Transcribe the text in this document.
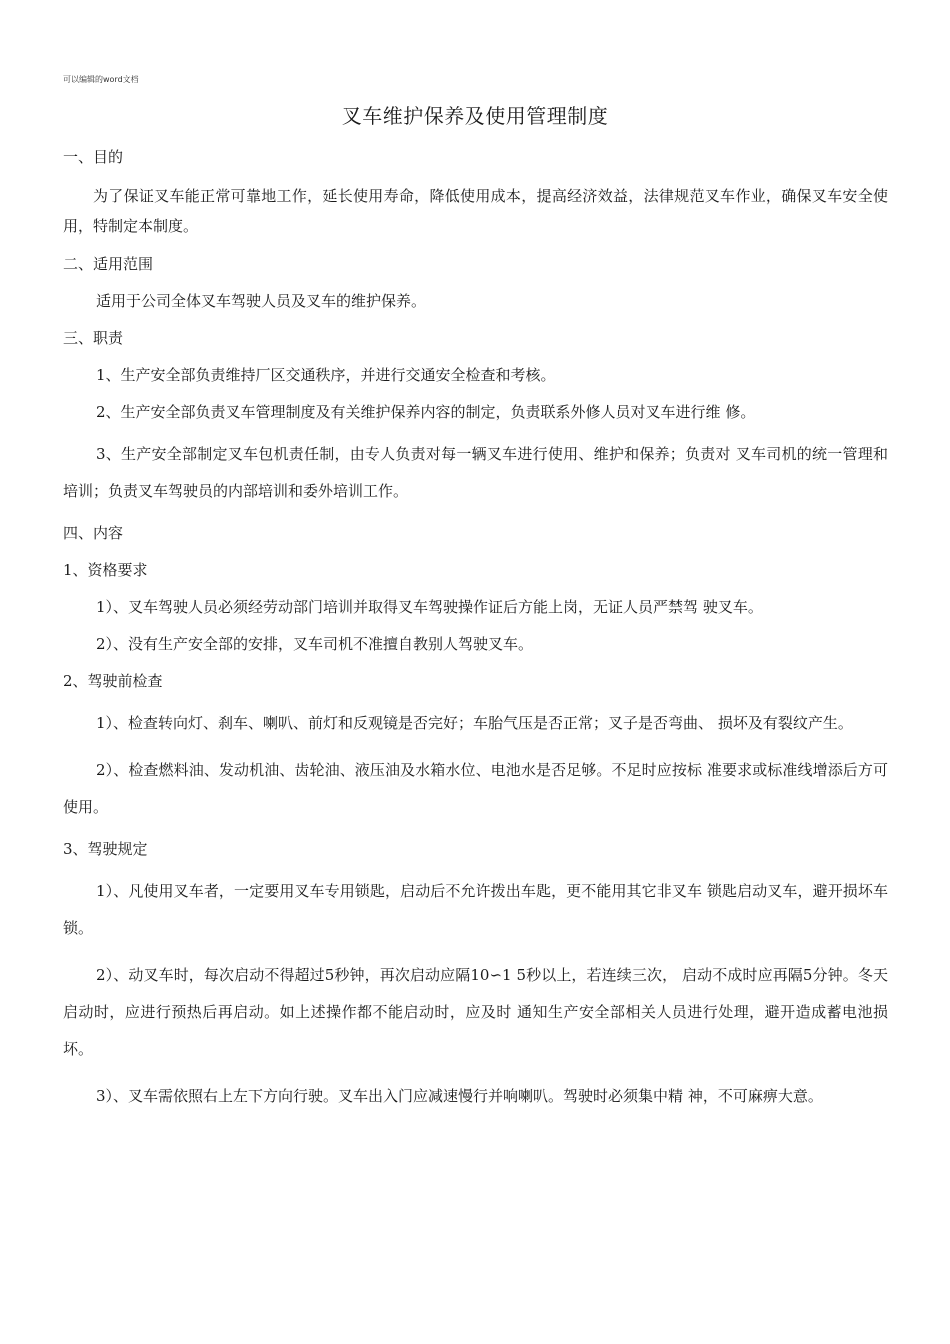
可以编辑的word文档
叉车维护保养及使用管理制度
一、目的
为了保证叉车能正常可靠地工作，延长使用寿命，降低使用成本，提高经济效益，法律规范叉车作业，确保叉车安全使用，特制定本制度。
二、适用范围
适用于公司全体叉车驾驶人员及叉车的维护保养。
三、职责
1、生产安全部负责维持厂区交通秩序，并进行交通安全检查和考核。
2、生产安全部负责叉车管理制度及有关维护保养内容的制定，负责联系外修人员对叉车进行维 修。
3、生产安全部制定叉车包机责任制，由专人负责对每一辆叉车进行使用、维护和保养；负责对 叉车司机的统一管理和培训；负责叉车驾驶员的内部培训和委外培训工作。
四、内容
1、资格要求
1）、叉车驾驶人员必须经劳动部门培训并取得叉车驾驶操作证后方能上岗，无证人员严禁驾 驶叉车。
2）、没有生产安全部的安排，叉车司机不准擅自教别人驾驶叉车。
2、驾驶前检查
1）、检查转向灯、刹车、喇叭、前灯和反观镜是否完好；车胎气压是否正常；叉子是否弯曲、 损坏及有裂纹产生。
2）、检查燃料油、发动机油、齿轮油、液压油及水箱水位、电池水是否足够。不足时应按标 准要求或标准线增添后方可使用。
3、驾驶规定
1）、凡使用叉车者，一定要用叉车专用锁匙，启动后不允许拨出车匙，更不能用其它非叉车 锁匙启动叉车，避开损坏车锁。
2）、动叉车时，每次启动不得超过5秒钟，再次启动应隔10∽1 5秒以上，若连续三次， 启动不成时应再隔5分钟。冬天启动时，应进行预热后再启动。如上述操作都不能启动时，应及时 通知生产安全部相关人员进行处理，避开造成蓄电池损坏。
3）、叉车需依照右上左下方向行驶。叉车出入门应减速慢行并响喇叭。驾驶时必须集中精 神，不可麻痹大意。
